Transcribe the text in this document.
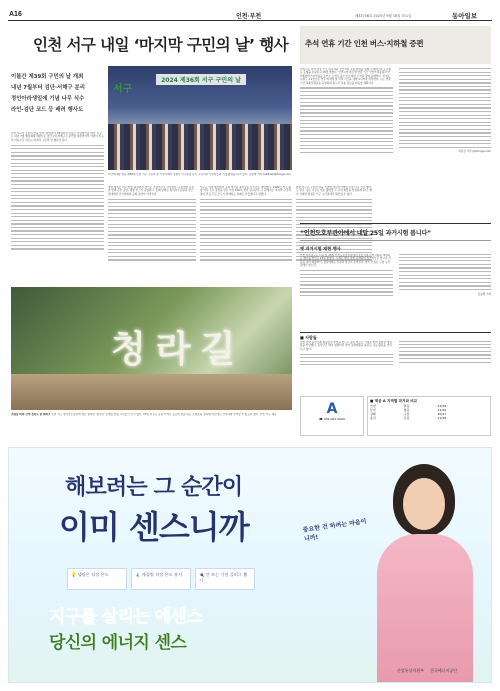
A16	인천·부천	제33756호 2025년 9월 16일 화요일	동아일보
인천 서구 내일 ‘마지막 구민의 날’ 행사
이틀간 제39회 구민의 날 개최
내년 7월부터 검단·서해구 분리
정인아라생일에 기념 나무 식수
라인-검단 코드 등 배려 행사도
2024 제36회 서구 구민의 날
서구
지난해 9월 열린 제36회 인천 서구 구민의 날 기념식에서 강범석 서구청장 등이 구민대상 수상자들과 기념 촬영을 하고 있다. 공승배 기자 ksbfivek@donga.com

인천 서구가 구민의 날을 맞아 17일부터 18일까지 이틀간 기념행사를 연다. 서구는 내년 7월 행정체제 개편으로 검단구와 서해구로 분리될 예정이어서 이번이 서구의 이름으로 치르는 마지막 구민의 날 행사가 된다.

첫날 행사는 서구청 앞 광장에서 열리는 기념식으로 시작한다. 구민대상 시상과 함께 주민 공연, 체험 부스가 운영된다. 둘째 날에는 청라호수공원과 검단 일대에서 걷기대회와 문화 공연이 이어진다.

서구는 이번 행사에서 구의 역사를 돌아보는 사진전도 마련했다. 1995년 서구 출범 이후 주요 장면을 담은 사진 100여 점이 전시된다. 구 관계자는 마지막 구민의 날인 만큼 주민 모두가 함께하는 축제로 만들겠다고 말했다.

한편 서구는 구민의 날을 기념해 정인아라생일 기념 나무 식수 행사도 연다. 심은 나무는 새로 출범할 두 구의 화합을 상징하게 된다. 행사 자세한 일정은 서구 누리집에서 확인할 수 있다.

추석 연휴 기간 인천 버스·지하철 증편

인천시는 추석 연휴 기간 귀성객과 성묘객의 교통 편의를 위해 시내버스와 도시철도 운행을 늘린다고 15일 밝혔다. 인천시에 따르면 연휴 기간 인천가족공원과 인천종합버스터미널을 오가는 노선은 평소보다 배차 간격을 줄여 운행한다. 인천도시철도 1·2호선은 연휴 마지막 날 막차 시간을 새벽 1시까지 연장한다. 시는 연휴 기간 교통상황실을 운영하며 실시간 교통 정보를 제공할 계획이다.

지용진 기자 ji@donga.com

“인천도호부관아에서 내달 25일 과거시험 봅니다”
옛 과거시험 재현 행사

인천 미추홀구는 다음 달 25일 인천도호부관아에서 조선시대 과거시험을 재현하는 행사를 연다고 15일 밝혔다. 시제는 행사 당일 공개되며 참가자들은 한시나 산문을 지어 제출한다. 장원에게는 상장과 상금이 주어진다. 참가 신청은 구청 누리집에서 받는다.

공승배 기자

청라길
조형물 따라 산책 청라도 한 텐파크 인천 서구 청라호수공원에 새로 설치된 ‘청라길’ 조형물 앞을 시민들이 걷고 있다. 15일 서구는 공원 산책로 곳곳에 빛을 내는 조형물을 설치해 야간에도 안전하게 산책할 수 있도록 했다. 인천 서구 제공
■ 사람들

인천 지역 봉사단체 회원들이 추석을 앞두고 홀몸 어르신 가정을 찾아 송편과 생필품을 전달했다. 봉사단은 매년 명절마다 지역 소외계층을 돌보는 나눔 활동을 이어오고 있다.

A
☎ 032-000-0000
■ 제공 A 지역별 과거와 비교
인천	맑음	22/29
부천	맑음	21/29
강화	구름	20/27
옹진	흐림	21/26
해보려는 그 순간이
이미 센스니까	중요한 건 하려는 마음이니까!
💡 냉방은 적정 온도	🌡 계절별 적정 온도 유지	🔌 안 쓰는 가전 플러그 뽑기
지구를 살리는 에센스
당신의 에너지 센스
산업통상자원부 한국에너지공단
